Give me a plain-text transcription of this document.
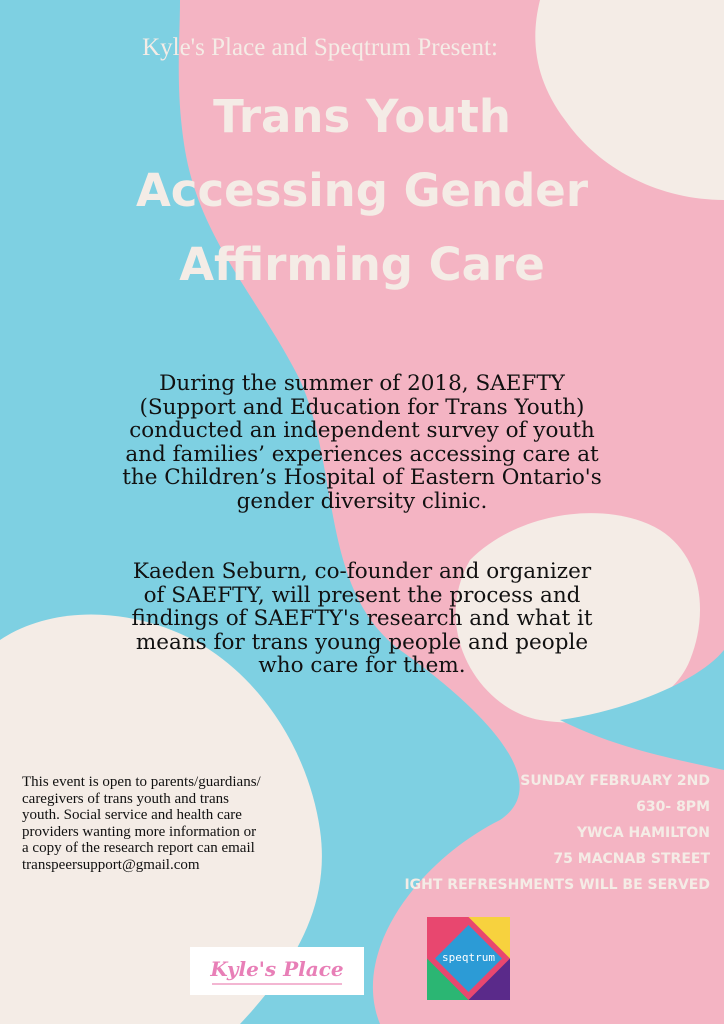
Kyle's Place and Speqtrum Present:
Trans Youth
Accessing Gender
Affirming Care
During the summer of 2018, SAEFTY
(Support and Education for Trans Youth)
conducted an independent survey of youth
and families’ experiences accessing care at
the Children’s Hospital of Eastern Ontario's
gender diversity clinic.
Kaeden Seburn, co-founder and organizer
of SAEFTY, will present the process and
findings of SAEFTY's research and what it
means for trans young people and people
who care for them.
This event is open to parents/guardians/
caregivers of trans youth and trans
youth. Social service and health care
providers wanting more information or
a copy of the research report can email
transpeersupport@gmail.com
SUNDAY FEBRUARY 2ND
630- 8PM
YWCA HAMILTON
75 MACNAB STREET
IGHT REFRESHMENTS WILL BE SERVED
Kyle's Place	speqtrum
